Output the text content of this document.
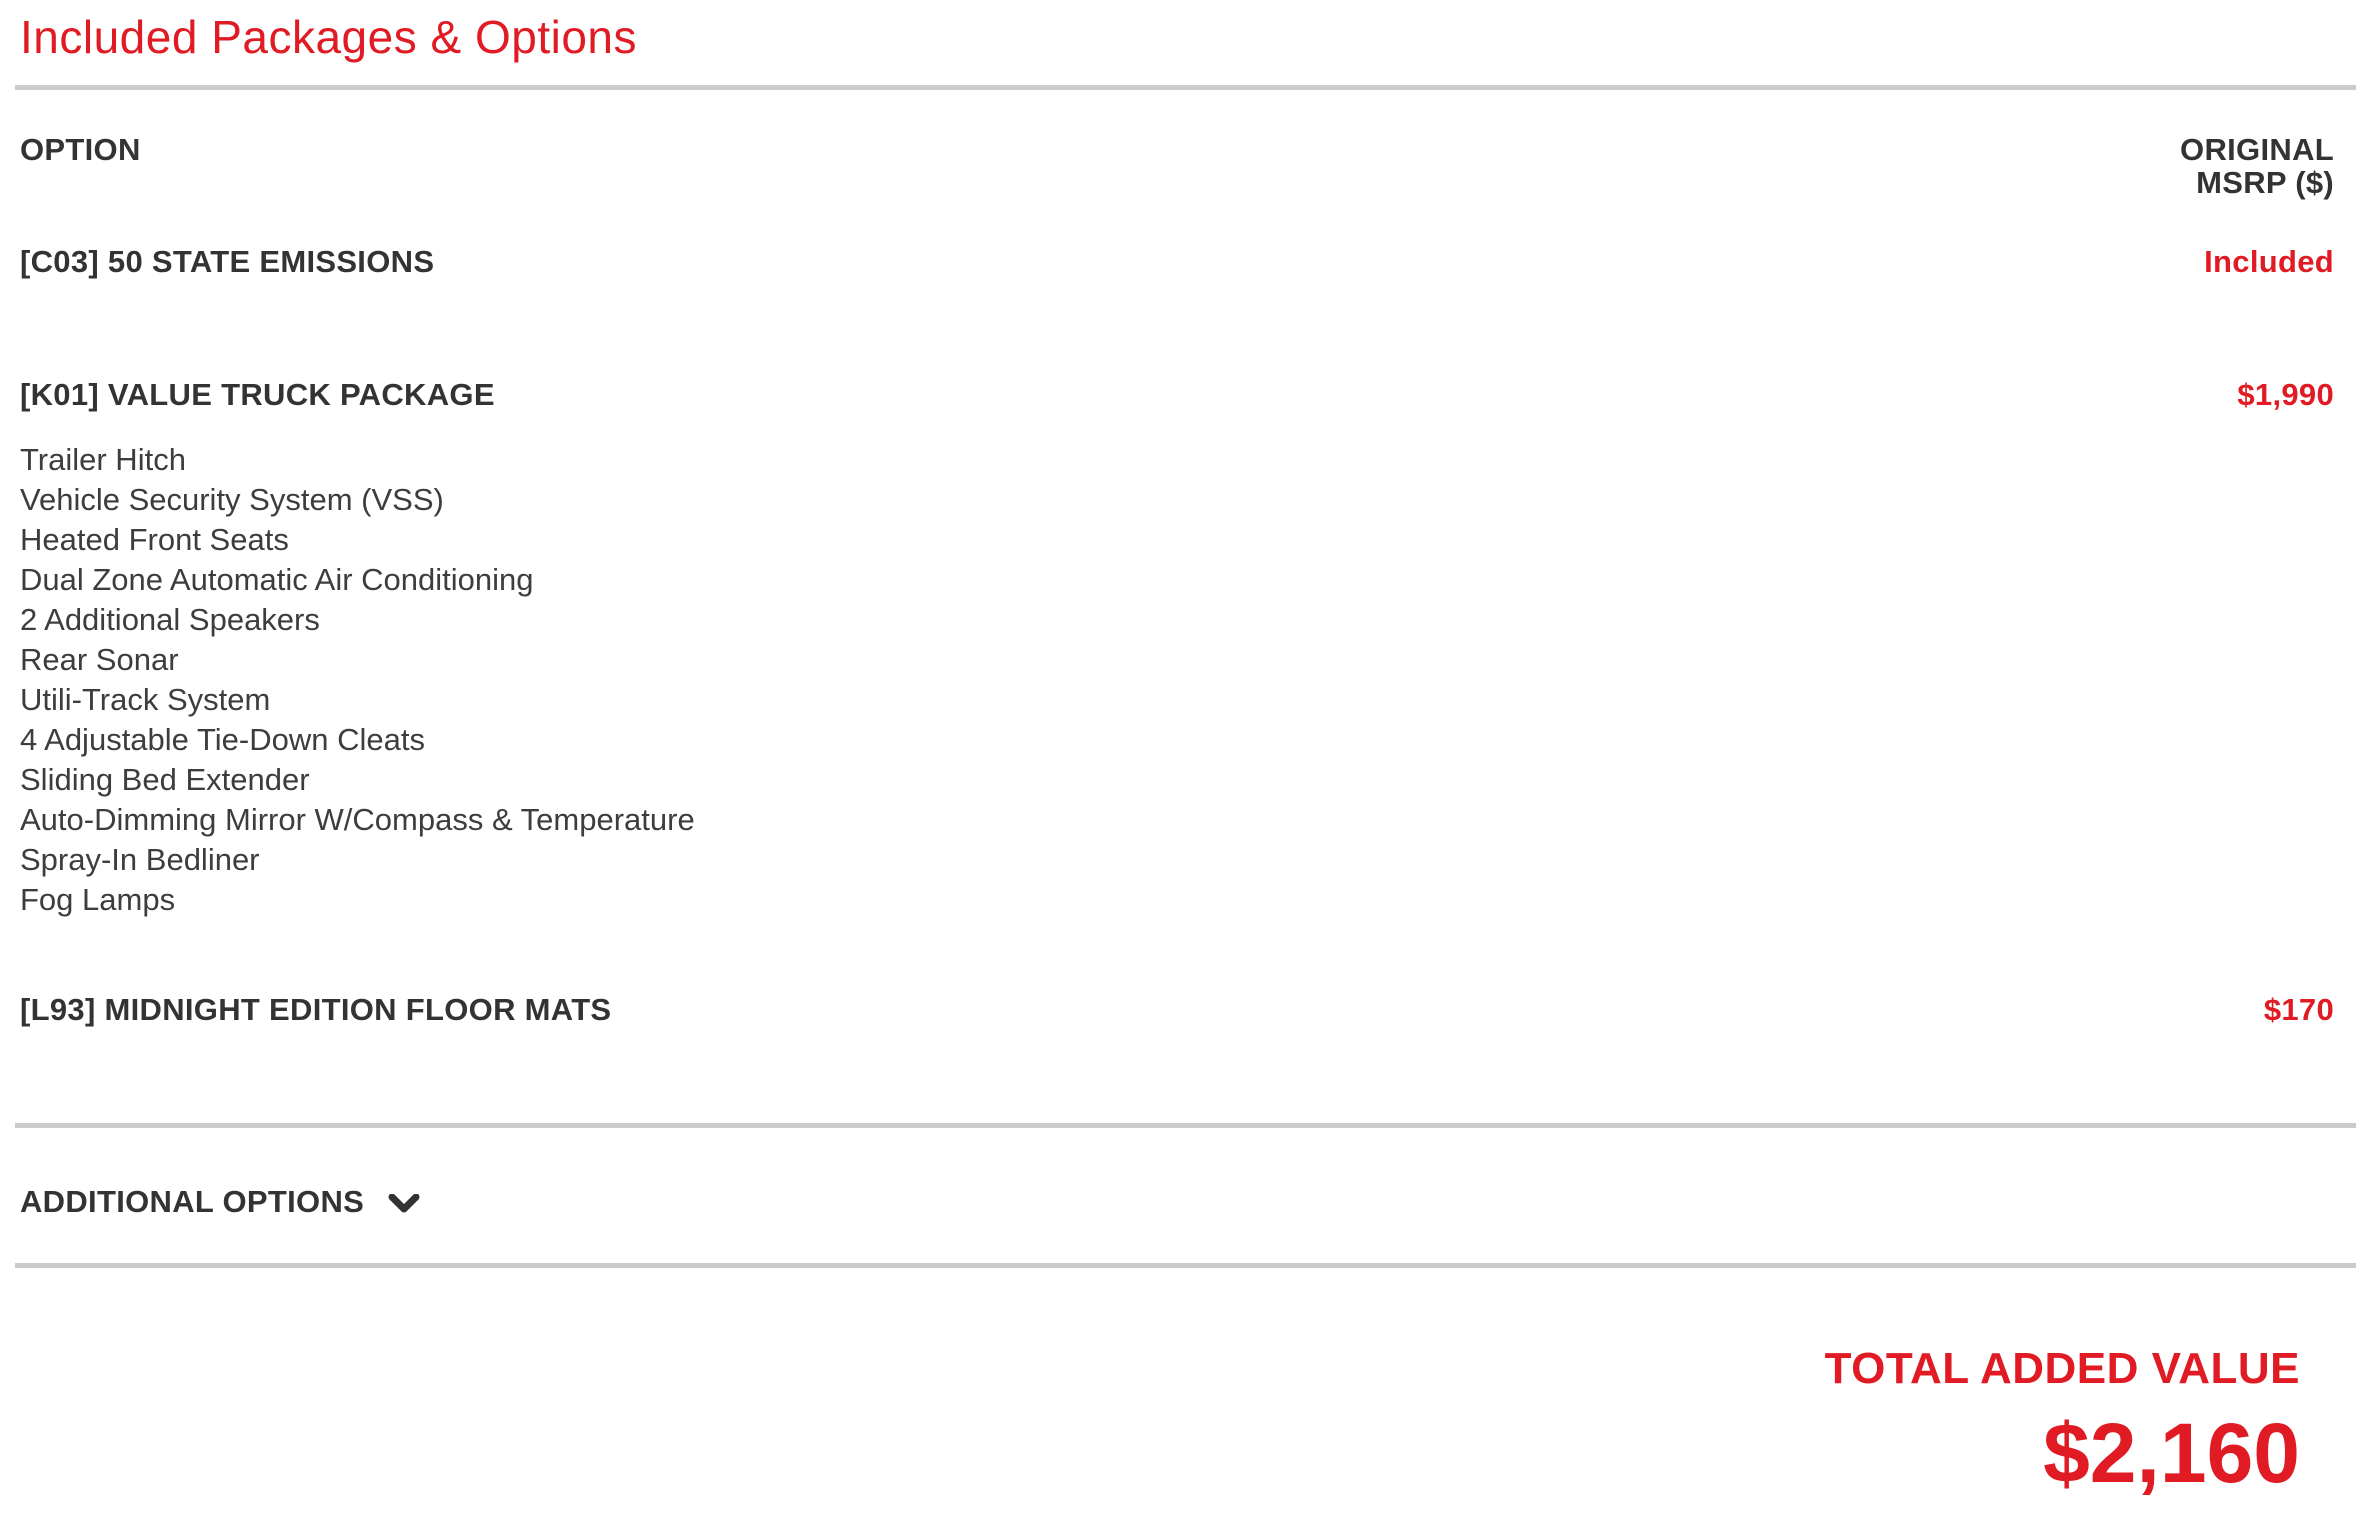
Included Packages & Options
OPTION	ORIGINAL
MSRP ($)
[C03] 50 STATE EMISSIONS	Included
[K01] VALUE TRUCK PACKAGE	$1,990
Trailer Hitch
Vehicle Security System (VSS)
Heated Front Seats
Dual Zone Automatic Air Conditioning
2 Additional Speakers
Rear Sonar
Utili-Track System
4 Adjustable Tie-Down Cleats
Sliding Bed Extender
Auto-Dimming Mirror W/Compass & Temperature
Spray-In Bedliner
Fog Lamps
[L93] MIDNIGHT EDITION FLOOR MATS	$170
ADDITIONAL OPTIONS
TOTAL ADDED VALUE
$2,160
